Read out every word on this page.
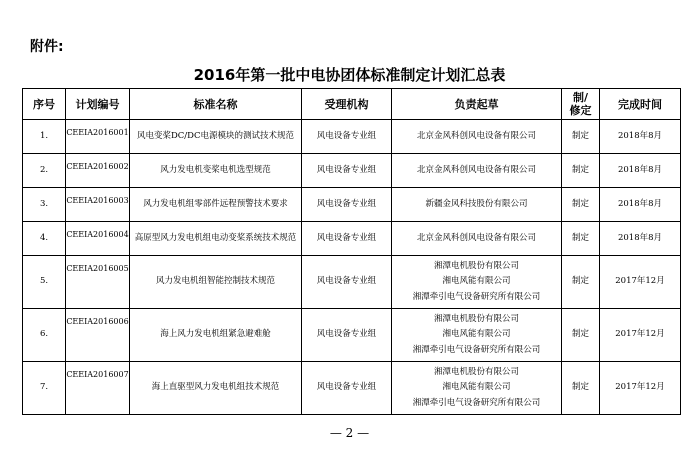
附件:
2016年第一批中电协团体标准制定计划汇总表
序号	计划编号	标准名称	受理机构	负责起草	制/
修定	完成时间
1.	CEEIA2016001	风电变桨DC/DC电源模块的测试技术规范	风电设备专业组	北京金风科创风电设备有限公司	制定	2018年8月
2.	CEEIA2016002	风力发电机变桨电机选型规范	风电设备专业组	北京金风科创风电设备有限公司	制定	2018年8月
3.	CEEIA2016003	风力发电机组零部件远程预警技术要求	风电设备专业组	新疆金风科技股份有限公司	制定	2018年8月
4.	CEEIA2016004	高原型风力发电机组电动变桨系统技术规范	风电设备专业组	北京金风科创风电设备有限公司	制定	2018年8月
5.	CEEIA2016005	风力发电机组智能控制技术规范	风电设备专业组	湘潭电机股份有限公司
湘电风能有限公司
湘潭牵引电气设备研究所有限公司	制定	2017年12月
6.	CEEIA2016006	海上风力发电机组紧急避难舱	风电设备专业组	湘潭电机股份有限公司
湘电风能有限公司
湘潭牵引电气设备研究所有限公司	制定	2017年12月
7.	CEEIA2016007	海上直驱型风力发电机组技术规范	风电设备专业组	湘潭电机股份有限公司
湘电风能有限公司
湘潭牵引电气设备研究所有限公司	制定	2017年12月
— 2 —
